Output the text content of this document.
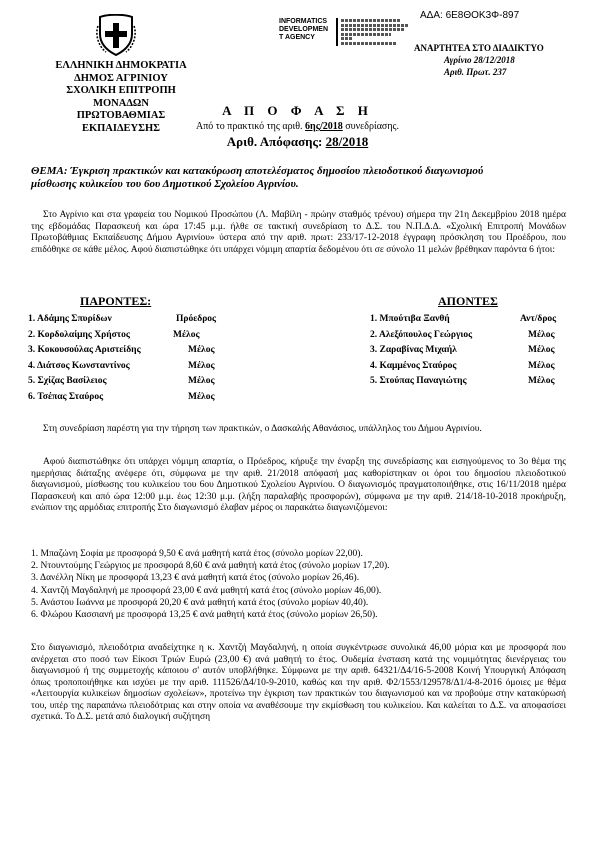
ΑΔΑ: 6Ε8ΘΟΚ3Φ-897
ΕΛΛΗΝΙΚΗ ΔΗΜΟΚΡΑΤΙΑ
ΔΗΜΟΣ ΑΓΡΙΝΙΟΥ
ΣΧΟΛΙΚΗ ΕΠΙΤΡΟΠΗ ΜΟΝΑΔΩΝ
ΠΡΩΤΟΒΑΘΜΙΑΣ ΕΚΠΑΙΔΕΥΣΗΣ
INFORMATICS
DEVELOPMEN
T AGENCY
ΑΝΑΡΤΗΤΕΑ ΣΤΟ ΔΙΑΔΙΚΤΥΟ
Αγρίνιο 28/12/2018
Αριθ. Πρωτ. 237
Α Π Ο Φ Α Σ Η
Από το πρακτικό της αριθ. 6ης/2018 συνεδρίασης.
Αριθ. Απόφασης: 28/2018
ΘΕΜΑ: Έγκριση πρακτικών και κατακύρωση αποτελέσματος δημοσίου πλειοδοτικού διαγωνισμού μίσθωσης κυλικείου του 6ου Δημοτικού Σχολείου Αγρινίου.
Στο Αγρίνιο και στα γραφεία του Νομικού Προσώπου (Λ. Μαβίλη - πρώην σταθμός τρένου) σήμερα την 21η Δεκεμβρίου 2018 ημέρα της εβδομάδας Παρασκευή και ώρα 17:45 μ.μ. ήλθε σε τακτική συνεδρίαση το Δ.Σ. του Ν.Π.Δ.Δ. «Σχολική Επιτροπή Μονάδων Πρωτοβάθμιας Εκπαίδευσης Δήμου Αγρινίου» ύστερα από την αριθ. πρωτ: 233/17-12-2018 έγγραφη πρόσκληση του Προέδρου, που επιδόθηκε σε κάθε μέλος. Αφού διαπιστώθηκε ότι υπάρχει νόμιμη απαρτία δεδομένου ότι σε σύνολο 11 μελών βρέθηκαν παρόντα 6 ήτοι:
ΠΑΡΟΝΤΕΣ:	ΑΠΟΝΤΕΣ
1. Αδάμης Σπυρίδων	Πρόεδρος
2. Κορδολαίμης Χρήστος	Μέλος
3. Κοκουσούλας Αριστείδης	Μέλος
4. Διάτσος Κωνσταντίνος	Μέλος
5. Σχίζας Βασίλειος	Μέλος
6. Τσέπας Σταύρος	Μέλος
1. Μπούτιβα Ξανθή	Αντ/δρος
2. Αλεξόπουλος Γεώργιος	Μέλος
3. Ζαραβίνας Μιχαήλ	Μέλος
4. Καμμένος Σταύρος	Μέλος
5. Στούπας Παναγιώτης	Μέλος
Στη συνεδρίαση παρέστη για την τήρηση των πρακτικών, ο Δασκαλής Αθανάσιος, υπάλληλος του Δήμου Αγρινίου.
Αφού διαπιστώθηκε ότι υπάρχει νόμιμη απαρτία, ο Πρόεδρος, κήρυξε την έναρξη της συνεδρίασης και εισηγούμενος το 3ο θέμα της ημερήσιας διάταξης ανέφερε ότι, σύμφωνα με την αριθ. 21/2018 απόφασή μας καθορίστηκαν οι όροι του δημοσίου πλειοδοτικού διαγωνισμού, μίσθωσης του κυλικείου του 6ου Δημοτικού Σχολείου Αγρινίου. Ο διαγωνισμός πραγματοποιήθηκε, στις 16/11/2018 ημέρα Παρασκευή και από ώρα 12:00 μ.μ. έως 12:30 μ.μ. (λήξη παραλαβής προσφορών), σύμφωνα με την αριθ. 214/18-10-2018 προκήρυξη, ενώπιον της αρμόδιας επιτροπής Στο διαγωνισμό έλαβαν μέρος οι παρακάτω διαγωνιζόμενοι:
1. Μπαζώνη Σοφία με προσφορά 9,50 € ανά μαθητή κατά έτος (σύνολο μορίων 22,00).
2. Ντουντούμης Γεώργιος με προσφορά 8,60 € ανά μαθητή κατά έτος (σύνολο μορίων 17,20).
3. Δανέλλη Νίκη με προσφορά 13,23 € ανά μαθητή κατά έτος (σύνολο μορίων 26,46).
4. Χαντζή Μαγδαληνή με προσφορά 23,00 € ανά μαθητή κατά έτος (σύνολο μορίων 46,00).
5. Ανάστου Ιωάννα με προσφορά 20,20 € ανά μαθητή κατά έτος (σύνολο μορίων 40,40).
6. Φλώρου Κασσιανή με προσφορά 13,25 € ανά μαθητή κατά έτος (σύνολο μορίων 26,50).
Στο διαγωνισμό, πλειοδότρια αναδείχτηκε η κ. Χαντζή Μαγδαληνή, η οποία συγκέντρωσε συνολικά 46,00 μόρια και με προσφορά που ανέρχεται στο ποσό των Είκοσι Τριών Ευρώ (23,00 €) ανά μαθητή το έτος. Ουδεμία ένσταση κατά της νομιμότητας διενέργειας του διαγωνισμού ή της συμμετοχής κάποιου σ' αυτόν υποβλήθηκε. Σύμφωνα με την αριθ. 64321/Δ4/16-5-2008 Κοινή Υπουργική Απόφαση όπως τροποποιήθηκε και ισχύει με την αριθ. 111526/Δ4/10-9-2010, καθώς και την αριθ. Φ2/1553/129578/Δ1/4-8-2016 όμοιες με θέμα «Λειτουργία κυλικείων δημοσίων σχολείων», προτείνω την έγκριση των πρακτικών του διαγωνισμού και να προβούμε στην κατακύρωσή του, υπέρ της παραπάνω πλειοδότριας και στην οποία να αναθέσουμε την εκμίσθωση του κυλικείου. Και καλείται το Δ.Σ. να αποφασίσει σχετικά. Το Δ.Σ. μετά από διαλογική συζήτηση
